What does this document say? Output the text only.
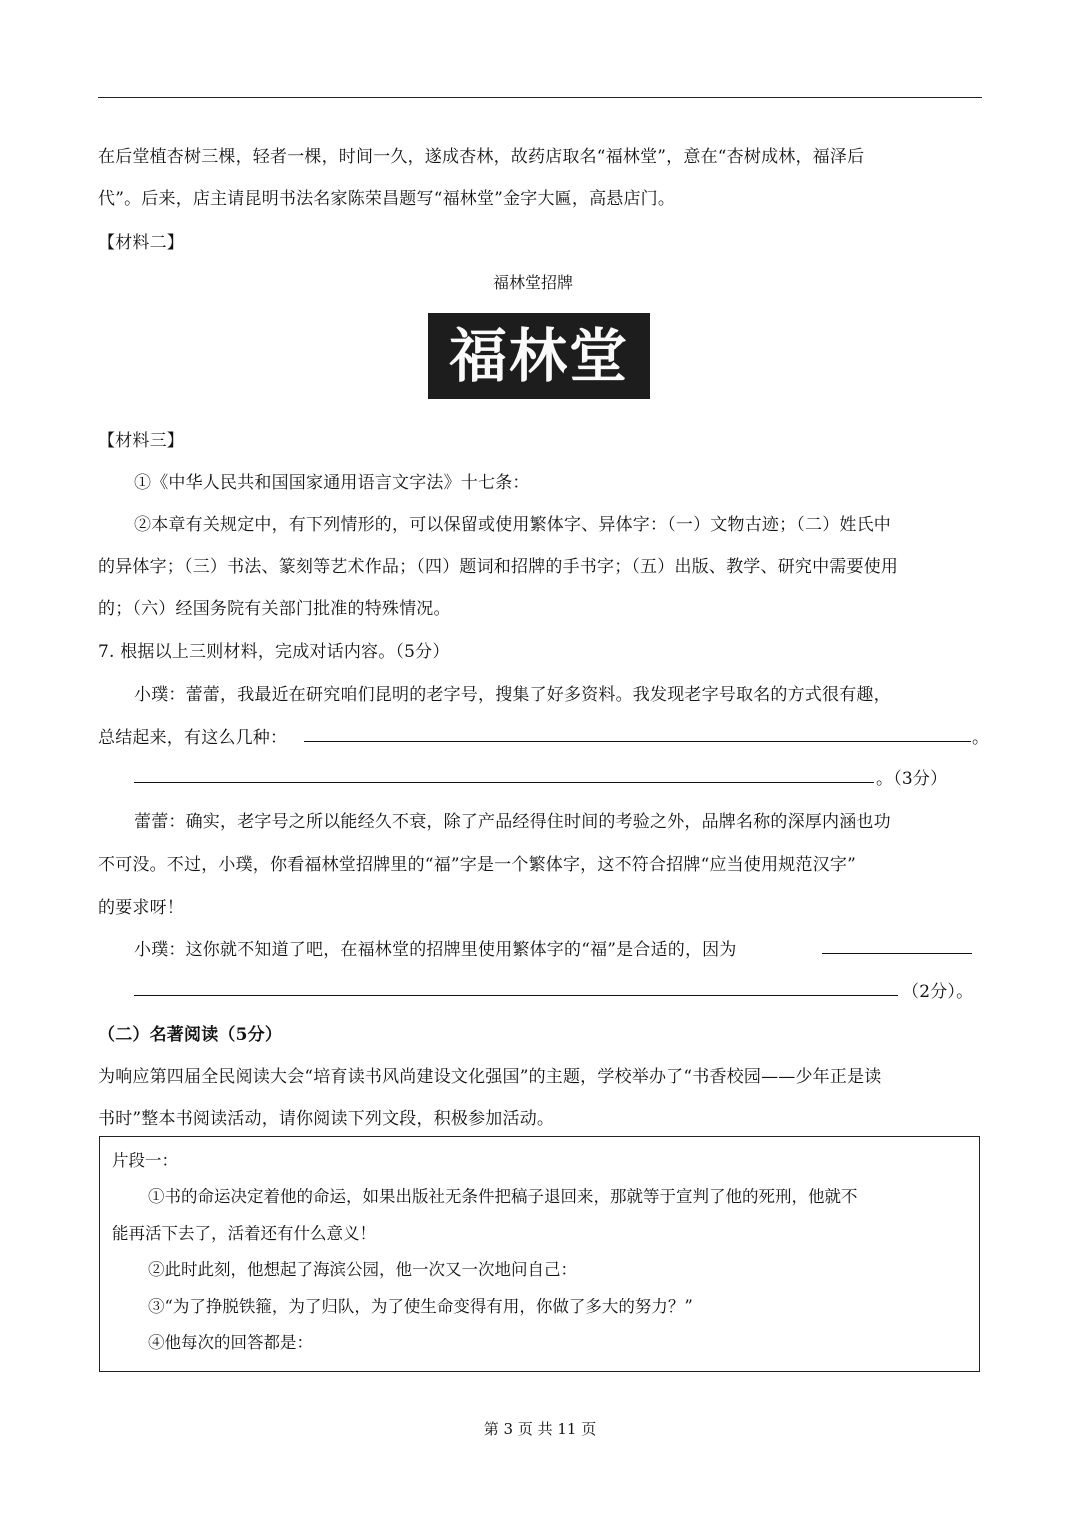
在后堂植杏树三棵，轻者一棵，时间一久，遂成杏林，故药店取名“福林堂”，意在“杏树成林，福泽后
代”。后来，店主请昆明书法名家陈荣昌题写“福林堂”金字大匾，高悬店门。
【材料二】
福林堂招牌
福林堂
【材料三】
①《中华人民共和国国家通用语言文字法》十七条：
②本章有关规定中，有下列情形的，可以保留或使用繁体字、异体字：（一）文物古迹；（二）姓氏中
的异体字；（三）书法、篆刻等艺术作品；（四）题词和招牌的手书字；（五）出版、教学、研究中需要使用
的；（六）经国务院有关部门批准的特殊情况。
7. 根据以上三则材料，完成对话内容。（5分）
小璞：蕾蕾，我最近在研究咱们昆明的老字号，搜集了好多资料。我发现老字号取名的方式很有趣，
总结起来，有这么几种：	。
。（3分）
蕾蕾：确实，老字号之所以能经久不衰，除了产品经得住时间的考验之外，品牌名称的深厚内涵也功
不可没。不过，小璞，你看福林堂招牌里的“福”字是一个繁体字，这不符合招牌“应当使用规范汉字”
的要求呀！
小璞：这你就不知道了吧，在福林堂的招牌里使用繁体字的“福”是合适的，因为
（2分）。
（二）名著阅读（5分）
为响应第四届全民阅读大会“培育读书风尚建设文化强国”的主题，学校举办了“书香校园——少年正是读
书时”整本书阅读活动，请你阅读下列文段，积极参加活动。
片段一：
①书的命运决定着他的命运，如果出版社无条件把稿子退回来，那就等于宣判了他的死刑，他就不
能再活下去了，活着还有什么意义！
②此时此刻，他想起了海滨公园，他一次又一次地问自己：
③“为了挣脱铁箍，为了归队，为了使生命变得有用，你做了多大的努力？”
④他每次的回答都是：
第 3 页 共 11 页
